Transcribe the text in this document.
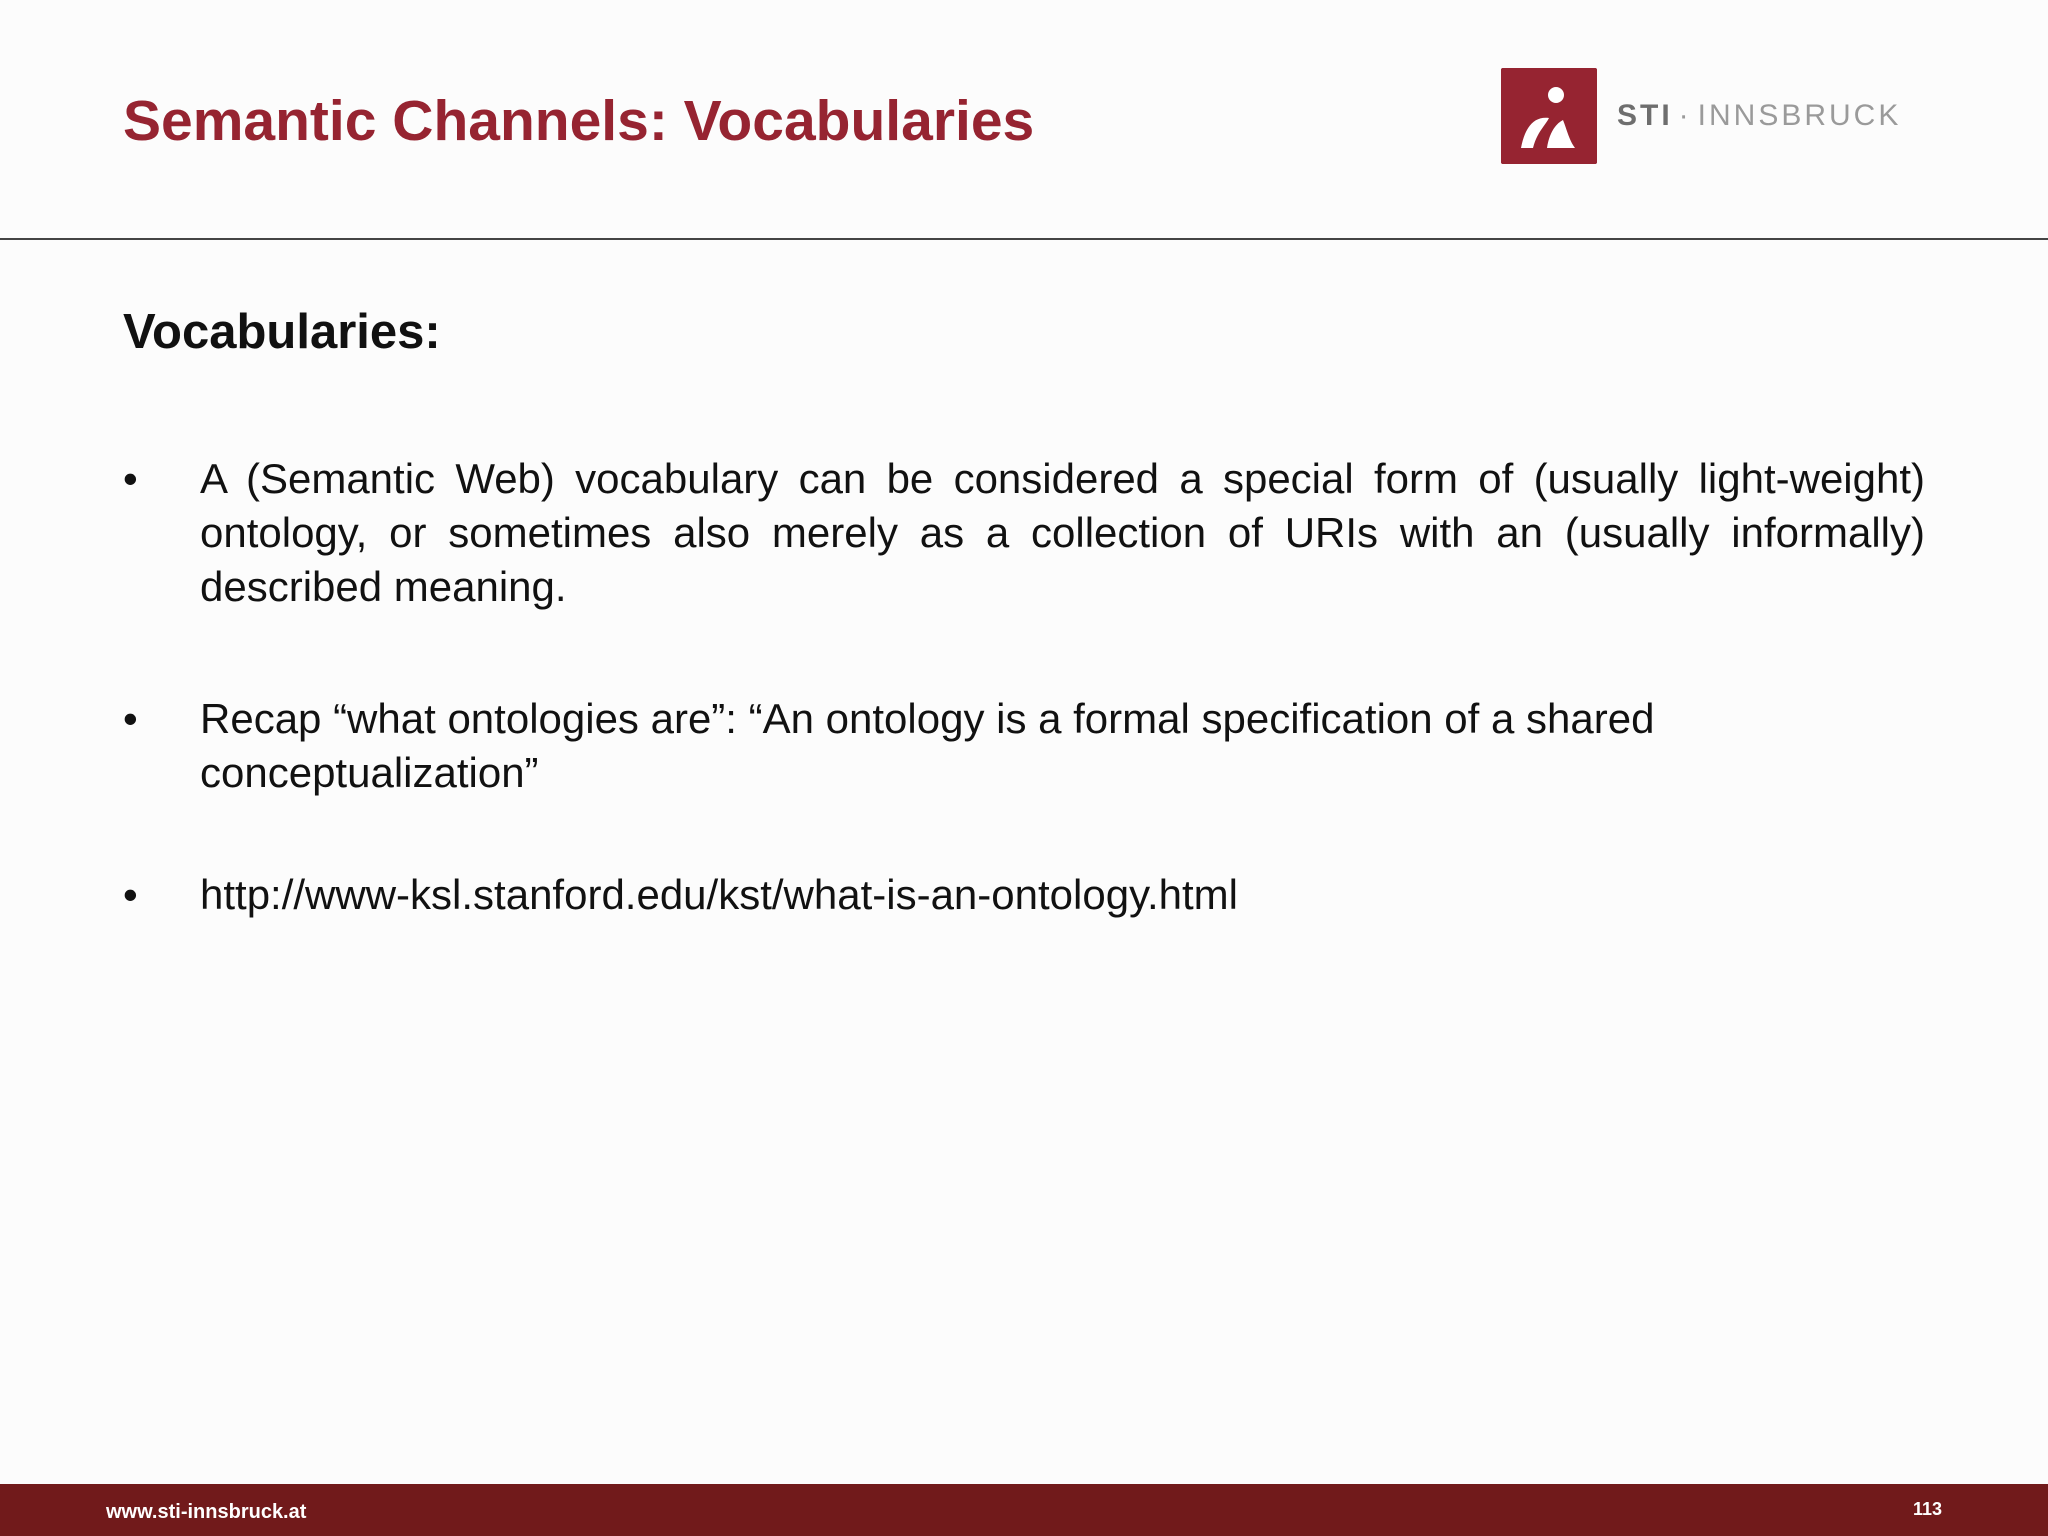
Semantic Channels: Vocabularies	STI · INNSBRUCK
Vocabularies:
•	A (Semantic Web) vocabulary can be considered a special form of (usually light-weight) ontology, or sometimes also merely as a collection of URIs with an (usually informally) described meaning.
•	Recap “what ontologies are”: “An ontology is a formal specification of a shared conceptualization”
•	http://www-ksl.stanford.edu/kst/what-is-an-ontology.html
www.sti-innsbruck.at	113
